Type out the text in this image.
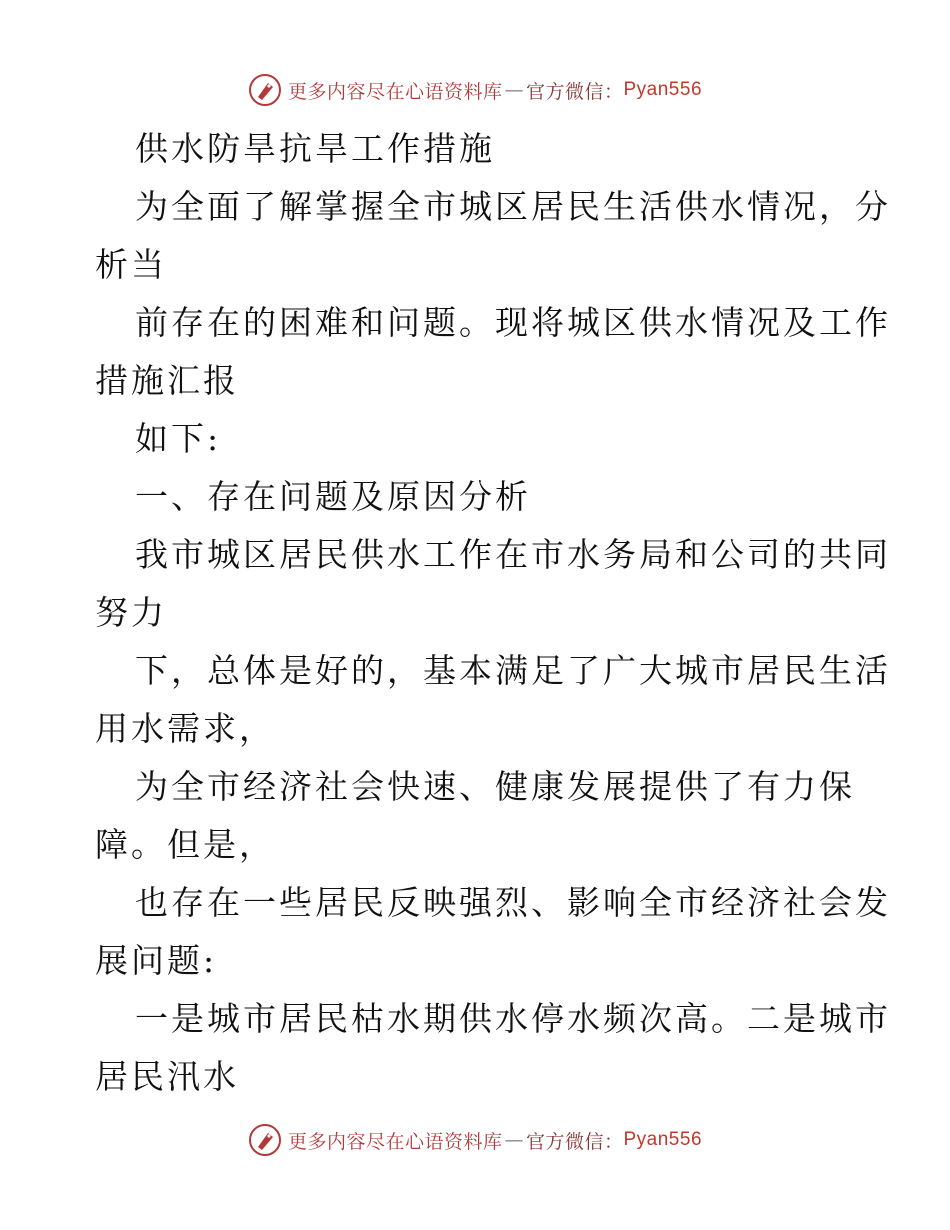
更多内容尽在心语资料库 — 官方微信： Pyan556
供水防旱抗旱工作措施
为全面了解掌握全市城区居民生活供水情况，分
析当
前存在的困难和问题。现将城区供水情况及工作
措施汇报
如下:
一、存在问题及原因分析
我市城区居民供水工作在市水务局和公司的共同
努力
下，总体是好的，基本满足了广大城市居民生活
用水需求，
为全市经济社会快速、健康发展提供了有力保
障。但是，
也存在一些居民反映强烈、影响全市经济社会发
展问题:
一是城市居民枯水期供水停水频次高。二是城市
居民汛水
更多内容尽在心语资料库 — 官方微信： Pyan556
